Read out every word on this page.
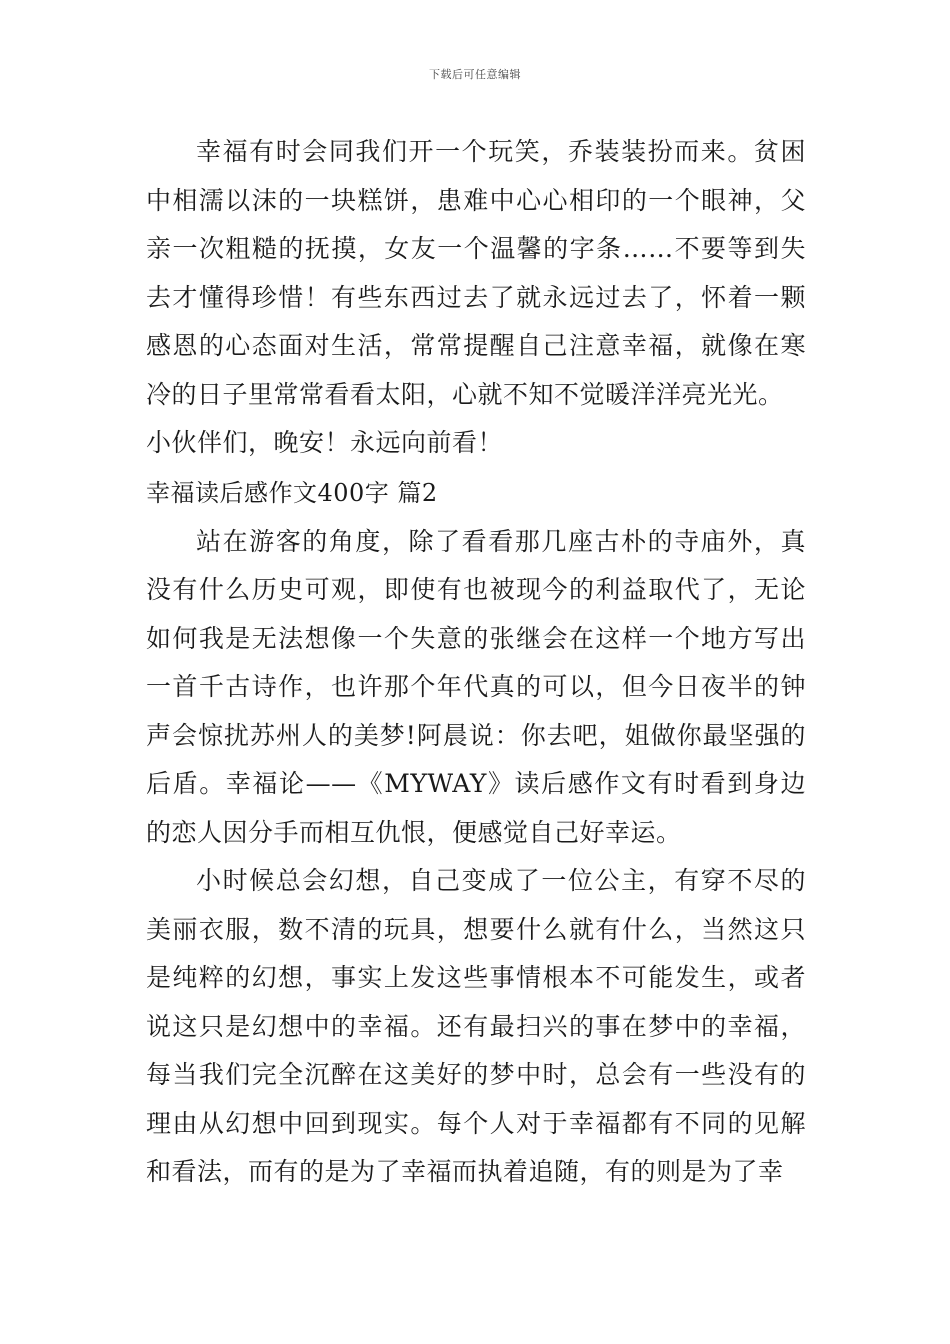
下载后可任意编辑

幸福有时会同我们开一个玩笑，乔装装扮而来。贫困中相濡以沫的一块糕饼，患难中心心相印的一个眼神，父亲一次粗糙的抚摸，女友一个温馨的字条……不要等到失去才懂得珍惜！有些东西过去了就永远过去了，怀着一颗感恩的心态面对生活，常常提醒自己注意幸福，就像在寒冷的日子里常常看看太阳，心就不知不觉暖洋洋亮光光。

小伙伴们，晚安！永远向前看！

幸福读后感作文400字 篇2

站在游客的角度，除了看看那几座古朴的寺庙外，真没有什么历史可观，即使有也被现今的利益取代了，无论如何我是无法想像一个失意的张继会在这样一个地方写出一首千古诗作，也许那个年代真的可以，但今日夜半的钟声会惊扰苏州人的美梦!阿晨说：你去吧，姐做你最坚强的后盾。幸福论——《MYWAY》读后感作文有时看到身边的恋人因分手而相互仇恨，便感觉自己好幸运。

小时候总会幻想，自己变成了一位公主，有穿不尽的美丽衣服，数不清的玩具，想要什么就有什么，当然这只是纯粹的幻想，事实上发这些事情根本不可能发生，或者说这只是幻想中的幸福。还有最扫兴的事在梦中的幸福，每当我们完全沉醉在这美好的梦中时，总会有一些没有的理由从幻想中回到现实。每个人对于幸福都有不同的见解和看法，而有的是为了幸福而执着追随，有的则是为了幸
